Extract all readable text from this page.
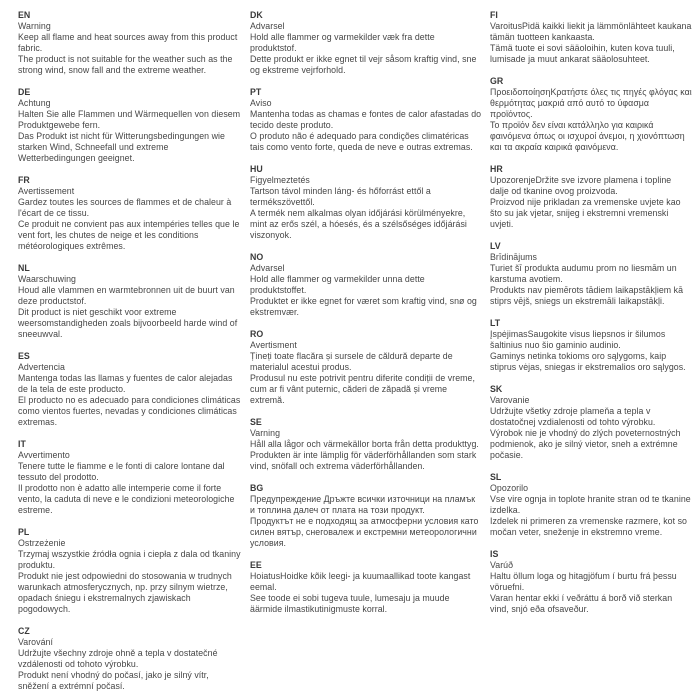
EN

Warning

Keep all flame and heat sources away from this product fabric.

The product is not suitable for the weather such as the strong wind, snow fall and the extreme weather.

DE

Achtung

Halten Sie alle Flammen und Wärmequellen von diesem Produktgewebe fern.

Das Produkt ist nicht für Witterungsbedingungen wie starken Wind, Schneefall und extreme Wetterbedingungen geeignet.

FR

Avertissement

Gardez toutes les sources de flammes et de chaleur à l'écart de ce tissu.

Ce produit ne convient pas aux intempéries telles que le vent fort, les chutes de neige et les conditions météorologiques extrêmes.

NL

Waarschuwing

Houd alle vlammen en warmtebronnen uit de buurt van deze productstof.

Dit product is niet geschikt voor extreme weersomstandigheden zoals bijvoorbeeld harde wind of sneeuwval.

ES

Advertencia

Mantenga todas las llamas y fuentes de calor alejadas de la tela de este producto.

El producto no es adecuado para condiciones climáticas como vientos fuertes, nevadas y condiciones climáticas extremas.

IT

Avvertimento

Tenere tutte le fiamme e le fonti di calore lontane dal tessuto del prodotto.

Il prodotto non è adatto alle intemperie come il forte vento, la caduta di neve e le condizioni meteorologiche estreme.

PL

Ostrzeżenie

Trzymaj wszystkie źródła ognia i ciepła z dala od tkaniny produktu.

Produkt nie jest odpowiedni do stosowania w trudnych warunkach atmosferycznych, np. przy silnym wietrze, opadach śniegu i ekstremalnych zjawiskach pogodowych.

CZ

Varování

Udržujte všechny zdroje ohně a tepla v dostatečné vzdálenosti od tohoto výrobku.

Produkt není vhodný do počasí, jako je silný vítr, sněžení a extrémní počasí.

DK

Advarsel

Hold alle flammer og varmekilder væk fra dette produktstof.

Dette produkt er ikke egnet til vejr såsom kraftig vind, sne og ekstreme vejrforhold.

PT

Aviso

Mantenha todas as chamas e fontes de calor afastadas do tecido deste produto.

O produto não é adequado para condições climatéricas tais como vento forte, queda de neve e outras extremas.

HU

Figyelmeztetés

Tartson távol minden láng- és hőforrást ettől a termékszövettől.

A termék nem alkalmas olyan időjárási körülményekre, mint az erős szél, a hóesés, és a szélsőséges időjárási viszonyok.

NO

Advarsel

Hold alle flammer og varmekilder unna dette produktstoffet.

Produktet er ikke egnet for været som kraftig vind, snø og ekstremvær.

RO

Avertisment

Țineți toate flacăra și sursele de căldură departe de materialul acestui produs.

Produsul nu este potrivit pentru diferite condiții de vreme, cum ar fi vânt puternic, căderi de zăpadă și vreme extremă.

SE

Varning

Håll alla lågor och värmekällor borta från detta produkttyg.

Produkten är inte lämplig för väderförhållanden som stark vind, snöfall och extrema väderförhållanden.

BG

Предупреждение Дръжте всички източници на пламък и топлина далеч от плата на този продукт.

Продуктът не е подходящ за атмосферни условия като силен вятър, снеговалеж и екстремни метеорологични условия.

EE

HoiatusHoidke kõik leegi- ja kuumaallikad toote kangast eemal.

See toode ei sobi tugeva tuule, lumesaju ja muude äärmide ilmastikutinigmuste korral.

FI

VaroitusPidä kaikki liekit ja lämmönlähteet kaukana tämän tuotteen kankaasta.

Tämä tuote ei sovi sääoloihin, kuten kova tuuli, lumisade ja muut ankarat sääolosuhteet.

GR

ΠροειδοποίησηΚρατήστε όλες τις πηγές φλόγας και θερμότητας μακριά από αυτό το ύφασμα προϊόντος.

Το προϊόν δεν είναι κατάλληλο για καιρικά φαινόμενα όπως οι ισχυροί άνεμοι, η χιονόπτωση και τα ακραία καιρικά φαινόμενα.

HR

UpozorenjeDržite sve izvore plamena i topline dalje od tkanine ovog proizvoda.

Proizvod nije prikladan za vremenske uvjete kao što su jak vjetar, snijeg i ekstremni vremenski uvjeti.

LV

Brīdinājums

Turiet šī produkta audumu prom no liesmām un karstuma avotiem.

Produkts nav piemērots tādiem laikapstākļiem kā stiprs vējš, sniegs un ekstremāli laikapstākļi.

LT

ĮspėjimasSaugokite visus liepsnos ir šilumos šaltinius nuo šio gaminio audinio.

Gaminys netinka tokioms oro sąlygoms, kaip stiprus vėjas, sniegas ir ekstremalios oro sąlygos.

SK

Varovanie

Udržujte všetky zdroje plameňa a tepla v dostatočnej vzdialenosti od tohto výrobku.

Výrobok nie je vhodný do zlých poveternostných podmienok, ako je silný vietor, sneh a extrémne počasie.

SL

Opozorilo

Vse vire ognja in toplote hranite stran od te tkanine izdelka.

Izdelek ni primeren za vremenske razmere, kot so močan veter, sneženje in ekstremno vreme.

IS

Varúð

Haltu öllum loga og hitagjöfum í burtu frá þessu vöruefni.

Varan hentar ekki í veðráttu á borð við sterkan vind, snjó eða ofsaveður.
